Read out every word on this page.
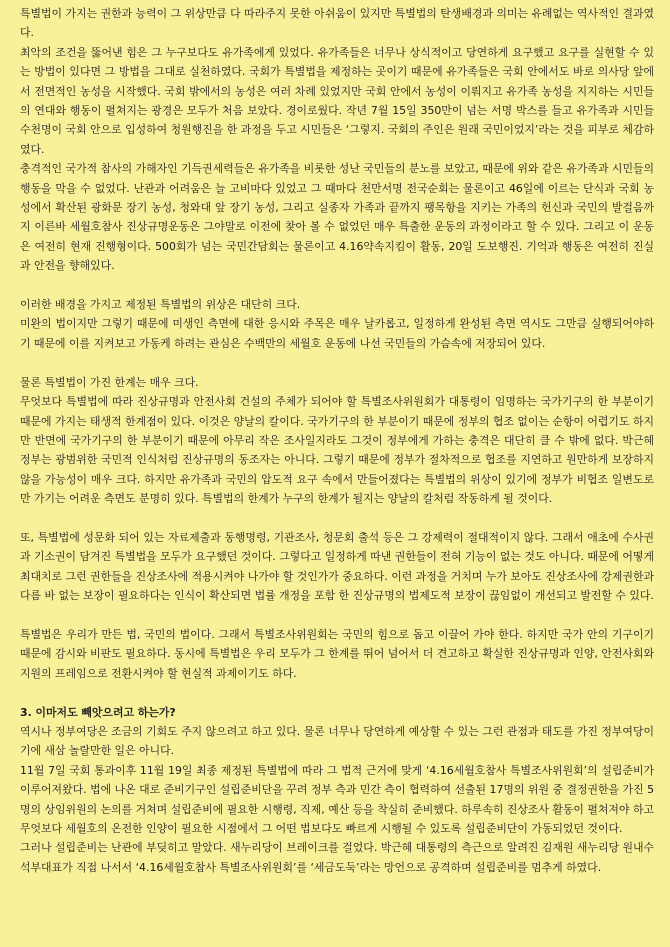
특별법이 가지는 권한과 능력이 그 위상만큼 다 따라주지 못한 아쉬움이 있지만 특별법의 탄생배경과 의미는 유례없는 역사적인 결과였다.

최악의 조건을 뚫어낸 힘은 그 누구보다도 유가족에게 있었다. 유가족들은 너무나 상식적이고 당연하게 요구했고 요구를 실현할 수 있는 방법이 있다면 그 방법을 그대로 실천하였다. 국회가 특별법을 제정하는 곳이기 때문에 유가족들은 국회 안에서도 바로 의사당 앞에서 전면적인 농성을 시작했다. 국회 밖에서의 농성은 여러 차례 있었지만 국회 안에서 농성이 이뤄지고 유가족 농성을 지지하는 시민들의 연대와 행동이 펼쳐지는 광경은 모두가 처음 보았다. 경이로웠다. 작년 7월 15일 350만이 넘는 서명 박스를 들고 유가족과 시민들 수천명이 국회 안으로 입성하여 청원행진을 한 과정을 두고 시민들은 ‘그렇지. 국회의 주인은 원래 국민이었지’라는 것을 피부로 체감하였다.

충격적인 국가적 참사의 가해자인 기득권세력들은 유가족을 비롯한 성난 국민들의 분노를 보았고, 때문에 위와 같은 유가족과 시민들의 행동을 막을 수 없었다. 난관과 어려움은 늘 고비마다 있었고 그 때마다 천만서명 전국순회는 물론이고 46일에 이르는 단식과 국회 농성에서 확산된 광화문 장기 농성, 청와대 앞 장기 농성, 그리고 실종자 가족과 끝까지 팽목항을 지키는 가족의 헌신과 국민의 발걸음까지 이른바 세월호참사 진상규명운동은 그야말로 이전에 찾아 볼 수 없었던 매우 특출한 운동의 과정이라고 할 수 있다. 그리고 이 운동은 여전히 현재 진행형이다. 500회가 넘는 국민간담회는 물론이고 4.16약속지킴이 활동, 20일 도보행진. 기억과 행동은 여전히 진실과 안전을 향해있다.

이러한 배경을 가지고 제정된 특별법의 위상은 대단히 크다.

미완의 법이지만 그렇기 때문에 미생인 측면에 대한 응시와 주목은 매우 날카롭고, 일정하게 완성된 측면 역시도 그만큼 실행되어야하기 때문에 이를 지켜보고 가동케 하려는 관심은 수백만의 세월호 운동에 나선 국민들의 가슴속에 저장되어 있다.

물론 특별법이 가진 한계는 매우 크다.

무엇보다 특별법에 따라 진상규명과 안전사회 건설의 주체가 되어야 할 특별조사위원회가 대통령이 임명하는 국가기구의 한 부분이기 때문에 가지는 태생적 한계점이 있다. 이것은 양날의 칼이다. 국가기구의 한 부분이기 때문에 정부의 협조 없이는 순항이 어렵기도 하지만 반면에 국가기구의 한 부분이기 때문에 아무리 작은 조사일지라도 그것이 정부에게 가하는 충격은 대단히 클 수 밖에 없다. 박근혜 정부는 광범위한 국민적 인식처럼 진상규명의 동조자는 아니다. 그렇기 때문에 정부가 절차적으로 협조를 지연하고 원만하게 보장하지 않을 가능성이 매우 크다. 하지만 유가족과 국민의 압도적 요구 속에서 만들어졌다는 특별법의 위상이 있기에 정부가 비협조 일변도로만 가기는 어려운 측면도 분명히 있다. 특별법의 한계가 누구의 한계가 될지는 양날의 칼처럼 작동하게 될 것이다.

또, 특별법에 성문화 되어 있는 자료제출과 동행명령, 기관조사, 청문회 출석 등은 그 강제력이 절대적이지 않다. 그래서 애초에 수사권과 기소권이 담겨진 특별법을 모두가 요구했던 것이다. 그렇다고 일정하게 따낸 권한들이 전혀 기능이 없는 것도 아니다. 때문에 어떻게 최대치로 그런 권한들을 진상조사에 적용시켜야 나가야 할 것인가가 중요하다. 이런 과정을 거치며 누가 보아도 진상조사에 강제권한과 다름 바 없는 보장이 필요하다는 인식이 확산되면 법률 개정을 포함 한 진상규명의 법제도적 보장이 끊임없이 개선되고 발전할 수 있다.

특별법은 우리가 만든 법, 국민의 법이다. 그래서 특별조사위원회는 국민의 힘으로 돕고 이끌어 가야 한다. 하지만 국가 안의 기구이기 때문에 감시와 비판도 필요하다. 동시에 특별법은 우리 모두가 그 한계를 뛰어 넘어서 더 견고하고 확실한 진상규명과 인양, 안전사회와 지원의 프레임으로 전환시켜야 할 현실적 과제이기도 하다.

3. 이마저도 빼앗으려고 하는가?

역시나 정부여당은 조금의 기회도 주지 않으려고 하고 있다. 물론 너무나 당연하게 예상할 수 있는 그런 관점과 태도를 가진 정부여당이기에 새삼 놀랄만한 일은 아니다.

11월 7일 국회 통과이후 11월 19일 최종 제정된 특별법에 따라 그 법적 근거에 맞게 ‘4.16세월호참사 특별조사위원회’의 설립준비가 이루어져왔다. 법에 나온 대로 준비기구인 설립준비단을 꾸려 정부 측과 민간 측이 협력하여 선출된 17명의 위원 중 결정권한을 가진 5명의 상임위원의 논의를 거쳐며 설립준비에 필요한 시행령, 직제, 예산 등을 착실히 준비했다. 하루속히 진상조사 활동이 펼쳐져야 하고 무엇보다 세월호의 온전한 인양이 필요한 시점에서 그 어떤 법보다도 빠르게 시행될 수 있도록 설립준비단이 가동되었던 것이다.

그러나 설립준비는 난관에 부딪히고 말았다. 새누리당이 브레이크를 걸었다. 박근혜 대통령의 측근으로 알려진 김재원 새누리당 원내수석부대표가 직접 나서서 ‘4.16세월호참사 특별조사위원회’를 ‘세금도둑’라는 망언으로 공격하며 설립준비를 멈추게 하였다.
